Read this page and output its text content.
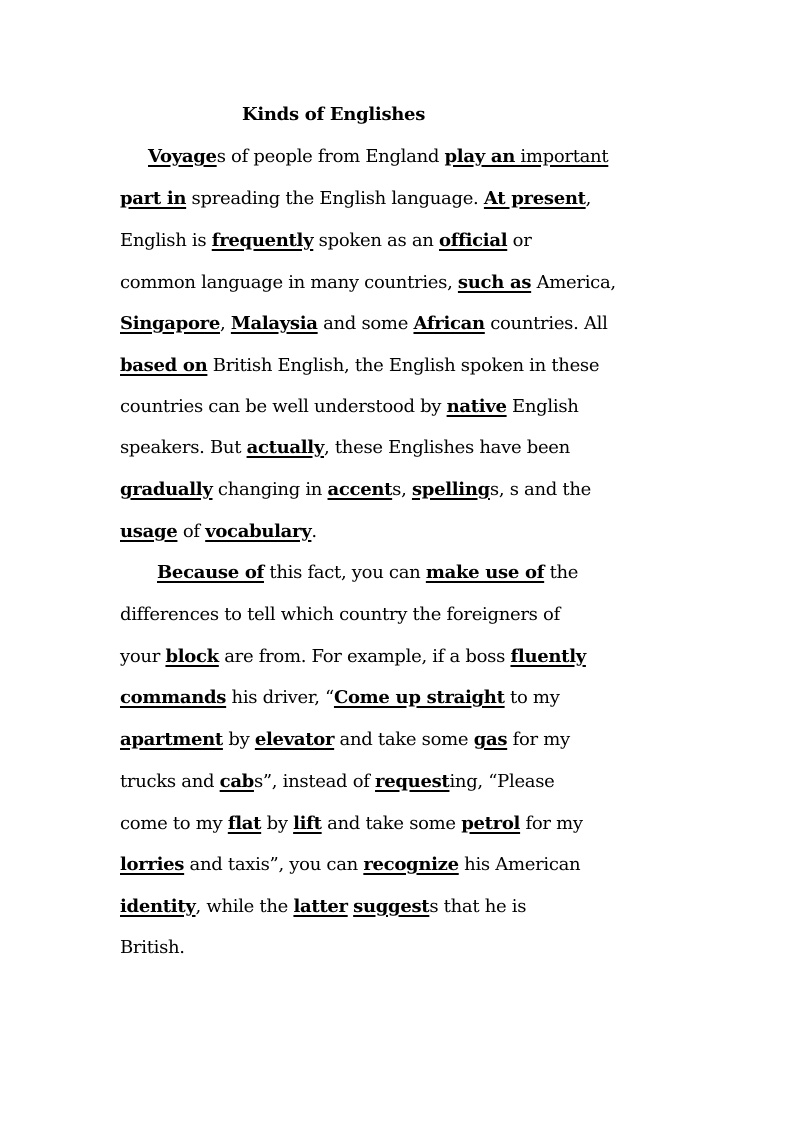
Kinds of Englishes
Voyages of people from England play an important
part in spreading the English language. At present,
English is frequently spoken as an official or
common language in many countries, such as America,
Singapore, Malaysia and some African countries. All
based on British English, the English spoken in these
countries can be well understood by native English
speakers. But actually, these Englishes have been
gradually changing in accents, spellings, s and the
usage of vocabulary.
Because of this fact, you can make use of the
differences to tell which country the foreigners of
your block are from. For example, if a boss fluently
commands his driver, “Come up straight to my
apartment by elevator and take some gas for my
trucks and cabs”, instead of requesting, “Please
come to my flat by lift and take some petrol for my
lorries and taxis”, you can recognize his American
identity, while the latter suggests that he is
British.
